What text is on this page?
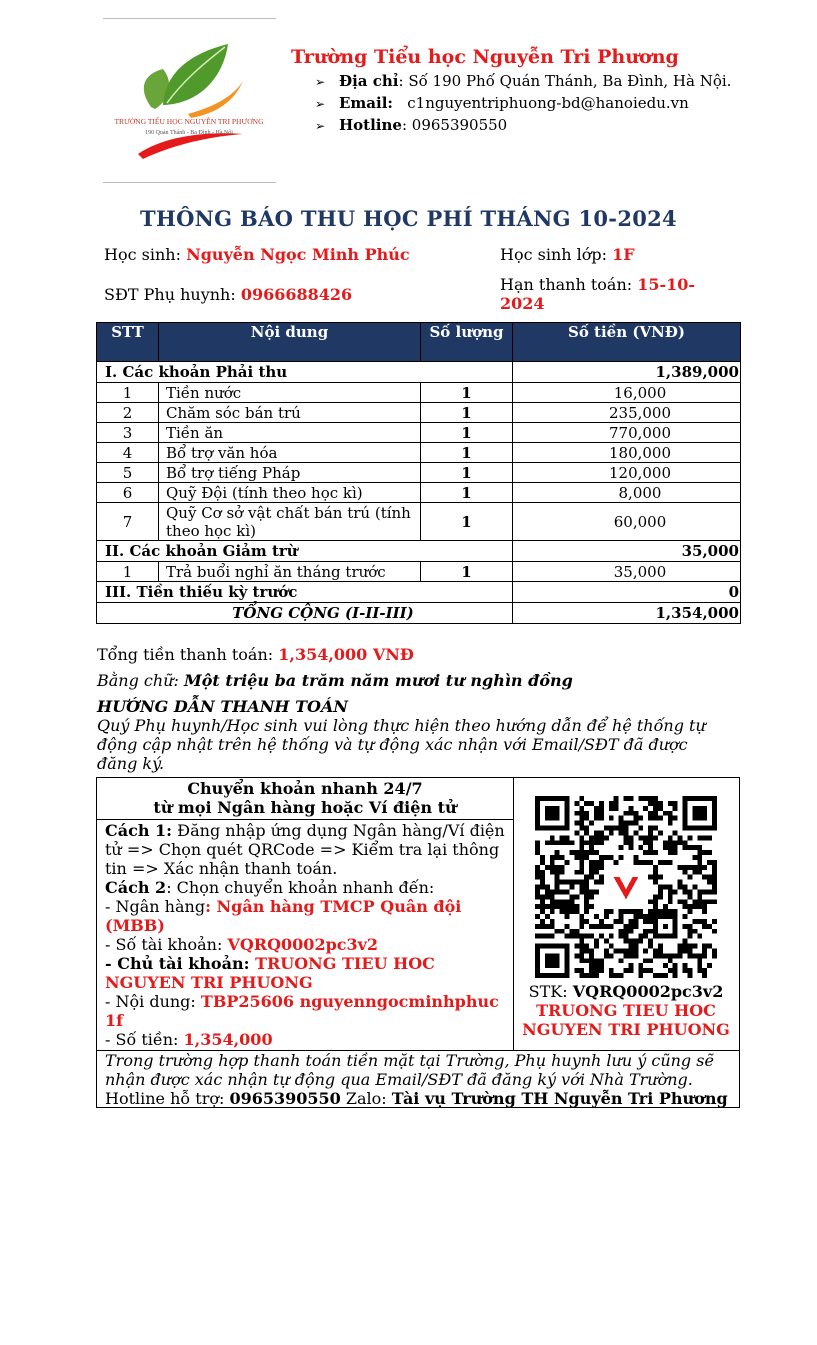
TRƯỜNG TIỂU HỌC NGUYỄN TRI PHƯƠNG
190 Quán Thánh - Ba Đình - Hà Nội
Trường Tiểu học Nguyễn Tri Phương
➢ Địa chỉ: Số 190 Phố Quán Thánh, Ba Đình, Hà Nội.
➢ Email: c1nguyentriphuong-bd@hanoiedu.vn
➢ Hotline: 0965390550
THÔNG BÁO THU HỌC PHÍ THÁNG 10-2024
Học sinh: Nguyễn Ngọc Minh Phúc	Học sinh lớp: 1F
SĐT Phụ huynh: 0966688426
Hạn thanh toán: 15-10-
2024
STT	Nội dung	Số lượng	Số tiền (VNĐ)
I. Các khoản Phải thu			1,389,000
1	Tiền nước	1	16,000
2	Chăm sóc bán trú	1	235,000
3	Tiền ăn	1	770,000
4	Bổ trợ văn hóa	1	180,000
5	Bổ trợ tiếng Pháp	1	120,000
6	Quỹ Đội (tính theo học kì)	1	8,000
7	Quỹ Cơ sở vật chất bán trú (tính theo học kì)	1	60,000
II. Các khoản Giảm trừ			35,000
1	Trả buổi nghỉ ăn tháng trước	1	35,000
III. Tiền thiếu kỳ trước			0
TỔNG CỘNG (I-II-III)			1,354,000
Tổng tiền thanh toán: 1,354,000 VNĐ
Bằng chữ: Một triệu ba trăm năm mươi tư nghìn đồng
HƯỚNG DẪN THANH TOÁN
Quý Phụ huynh/Học sinh vui lòng thực hiện theo hướng dẫn để hệ thống tự
động cập nhật trên hệ thống và tự động xác nhận với Email/SĐT đã được
đăng ký.
Chuyển khoản nhanh 24/7
từ mọi Ngân hàng hoặc Ví điện tử
Cách 1: Đăng nhập ứng dụng Ngân hàng/Ví điện
tử => Chọn quét QRCode => Kiểm tra lại thông
tin => Xác nhận thanh toán.
Cách 2: Chọn chuyển khoản nhanh đến:
- Ngân hàng: Ngân hàng TMCP Quân đội
(MBB)
- Số tài khoản: VQRQ0002pc3v2
- Chủ tài khoản: TRUONG TIEU HOC
NGUYEN TRI PHUONG
- Nội dung: TBP25606 nguyenngocminhphuc
1f
- Số tiền: 1,354,000
STK: VQRQ0002pc3v2
TRUONG TIEU HOC
NGUYEN TRI PHUONG
Trong trường hợp thanh toán tiền mặt tại Trường, Phụ huynh lưu ý cũng sẽ
nhận được xác nhận tự động qua Email/SĐT đã đăng ký với Nhà Trường.
Hotline hỗ trợ: 0965390550 Zalo: Tài vụ Trường TH Nguyễn Tri Phương
